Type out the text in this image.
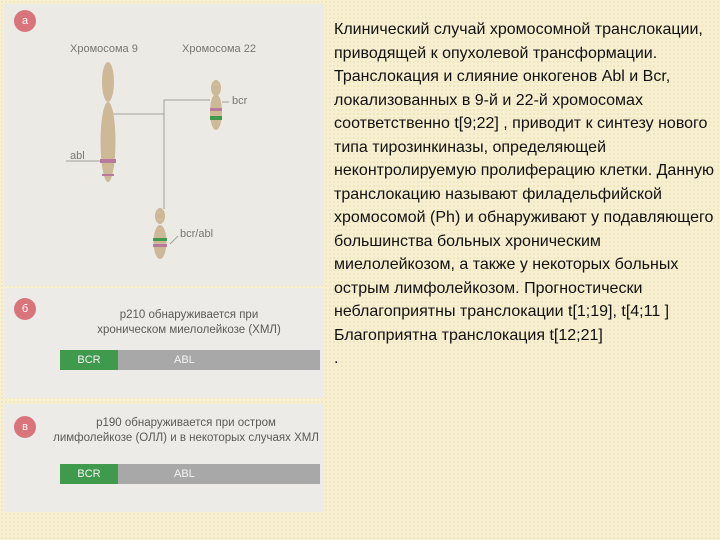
а
Хромосома 9	Хромосома 22
abl
bcr
bcr/abl
б	p210 обнаруживается при
хроническом миелолейкозе (ХМЛ)
BCR	ABL
в	p190 обнаруживается при остром
лимфолейкозе (ОЛЛ) и в некоторых случаях ХМЛ
BCR	ABL

Клинический случай хромосомной транслокации, приводящей к опухолевой трансформации. Транслокация и слияние онкогенов Abl и Bcr, локализованных в 9-й и 22-й хромосомах соответственно t[9;22] , приводит к синтезу нового типа тирозинкиназы, определяющей неконтролируемую пролиферацию клетки. Данную транслокацию называют филадельфийской хромосомой (Ph) и обнаруживают у подавляющего большинства больных хроническим миелолейкозом, а также у некоторых больных острым лимфолейкозом. Прогностически неблагоприятны транслокации t[1;19], t[4;11 ]
Благоприятна транслокация t[12;21]
.
